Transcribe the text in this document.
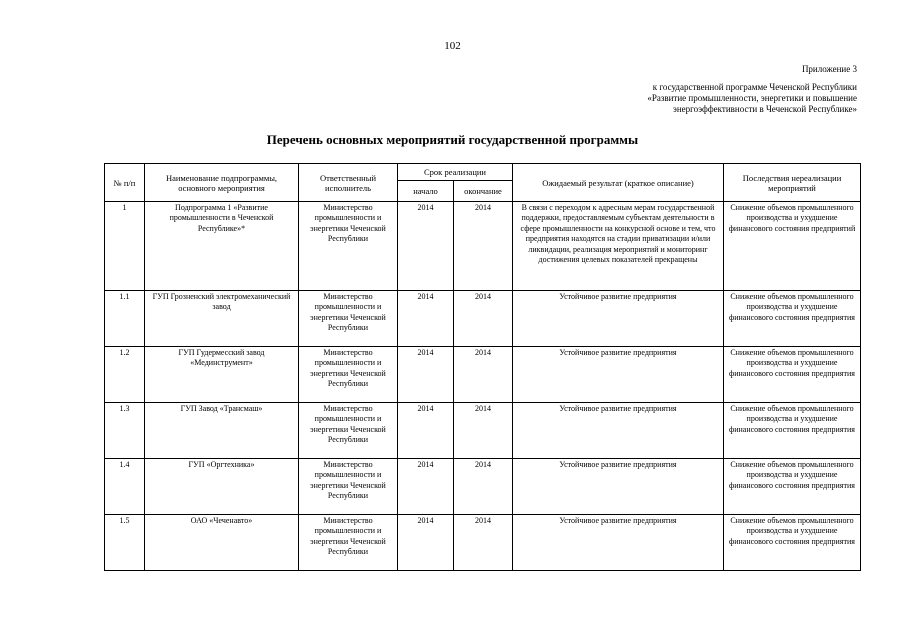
102
Приложение 3
к государственной программе Чеченской Республики
«Развитие промышленности, энергетики и повышение
энергоэффективности в Чеченской Республике»
Перечень основных мероприятий государственной программы
№ п/п	Наименование подпрограммы, основного мероприятия	Ответственный исполнитель	Срок реализации		Ожидаемый результат (краткое описание)	Последствия нереализации мероприятий
			начало	окончание		
1	Подпрограмма 1 «Развитие промышленности в Чеченской Республике»*	Министерство промышленности и энергетики Чеченской Республики	2014	2014	В связи с переходом к адресным мерам государственной поддержки, предоставляемым субъектам деятельности в сфере промышленности на конкурсной основе и тем, что предприятия находятся на стадии приватизации и/или ликвидации, реализация мероприятий и мониторинг достижения целевых показателей прекращены	Снижение объемов промышленного производства и ухудшение финансового состояния предприятий
1.1	ГУП Грозненский электромеханический завод	Министерство промышленности и энергетики Чеченской Республики	2014	2014	Устойчивое развитие предприятия	Снижение объемов промышленного производства и ухудшение финансового состояния предприятия
1.2	ГУП Гудермесский завод «Мединструмент»	Министерство промышленности и энергетики Чеченской Республики	2014	2014	Устойчивое развитие предприятия	Снижение объемов промышленного производства и ухудшение финансового состояния предприятия
1.3	ГУП Завод «Трансмаш»	Министерство промышленности и энергетики Чеченской Республики	2014	2014	Устойчивое развитие предприятия	Снижение объемов промышленного производства и ухудшение финансового состояния предприятия
1.4	ГУП «Оргтехника»	Министерство промышленности и энергетики Чеченской Республики	2014	2014	Устойчивое развитие предприятия	Снижение объемов промышленного производства и ухудшение финансового состояния предприятия
1.5	ОАО «Чеченавто»	Министерство промышленности и энергетики Чеченской Республики	2014	2014	Устойчивое развитие предприятия	Снижение объемов промышленного производства и ухудшение финансового состояния предприятия
